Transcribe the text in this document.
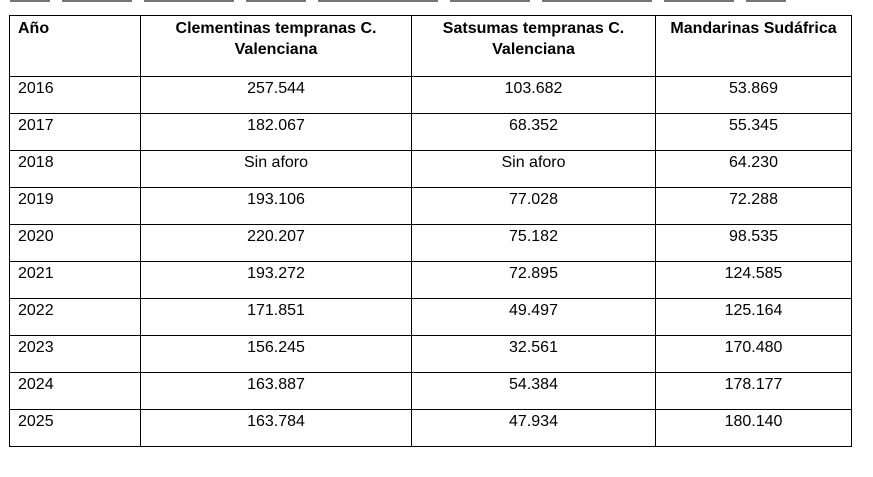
Año	Clementinas tempranas C. Valenciana	Satsumas tempranas C. Valenciana	Mandarinas Sudáfrica
2016	257.544	103.682	53.869
2017	182.067	68.352	55.345
2018	Sin aforo	Sin aforo	64.230
2019	193.106	77.028	72.288
2020	220.207	75.182	98.535
2021	193.272	72.895	124.585
2022	171.851	49.497	125.164
2023	156.245	32.561	170.480
2024	163.887	54.384	178.177
2025	163.784	47.934	180.140
